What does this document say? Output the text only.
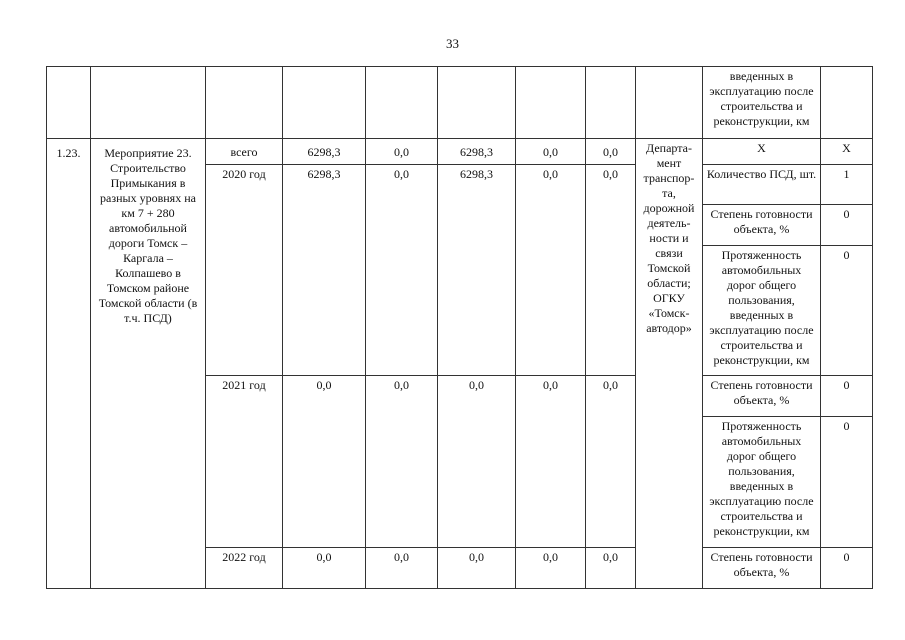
33
									введенных в эксплуатацию после строительства и реконструкции, км	
1.23.	Мероприятие 23. Строительство Примыкания в разных уровнях на км 7 + 280 автомобильной дороги Томск – Каргала – Колпашево в Томском районе Томской области (в т.ч. ПСД)	всего	6298,3	0,0	6298,3	0,0	0,0	Департа-мент транспор-та, дорожной деятель-ности и связи Томской области; ОГКУ «Томск-автодор»	Х	Х
		2020 год	6298,3	0,0	6298,3	0,0	0,0		Количество ПСД, шт.	1
									Степень готовности объекта, %	0
									Протяженность автомобильных дорог общего пользования, введенных в эксплуатацию после строительства и реконструкции, км	0
		2021 год	0,0	0,0	0,0	0,0	0,0		Степень готовности объекта, %	0
									Протяженность автомобильных дорог общего пользования, введенных в эксплуатацию после строительства и реконструкции, км	0
		2022 год	0,0	0,0	0,0	0,0	0,0		Степень готовности объекта, %	0
